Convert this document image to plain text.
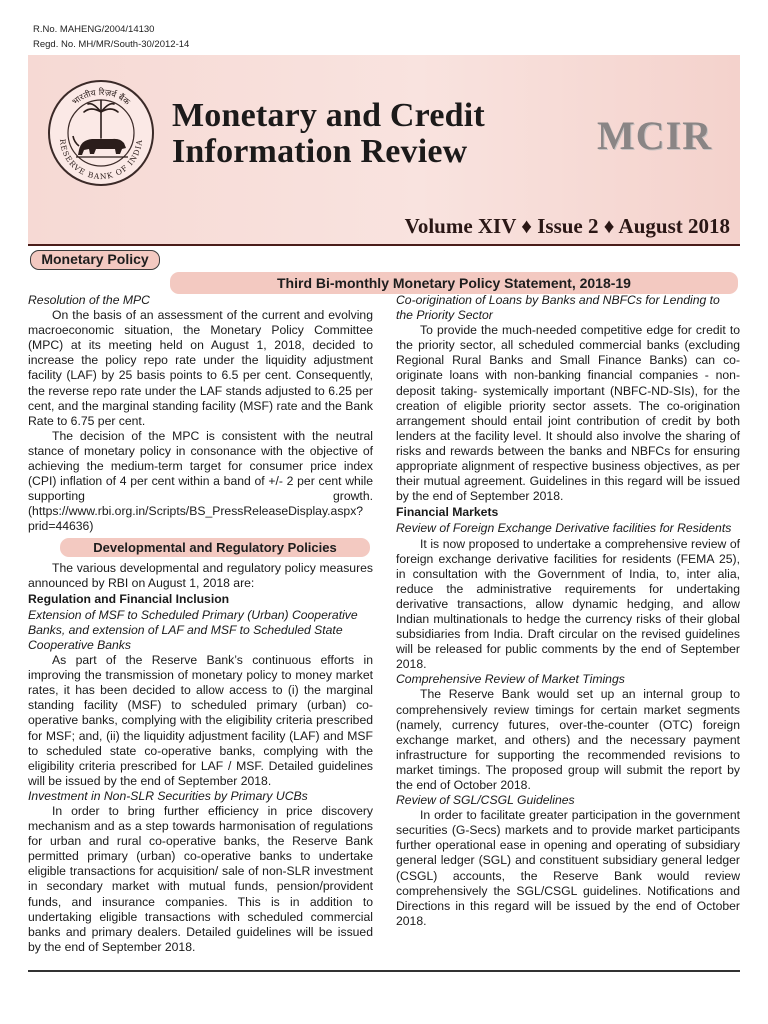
R.No. MAHENG/2004/14130
Regd. No. MH/MR/South-30/2012-14
भारतीय रिज़र्व बैंक
RESERVE BANK OF INDIA
Monetary and Credit
Information Review	MCIR
Volume XIV ♦ Issue 2 ♦ August 2018
Monetary Policy
Third Bi-monthly Monetary Policy Statement, 2018-19

Resolution of the MPC

On the basis of an assessment of the current and evolving macroeconomic situation, the Monetary Policy Committee (MPC) at its meeting held on August 1, 2018, decided to increase the policy repo rate under the liquidity adjustment facility (LAF) by 25 basis points to 6.5 per cent. Consequently, the reverse repo rate under the LAF stands adjusted to 6.25 per cent, and the marginal standing facility (MSF) rate and the Bank Rate to 6.75 per cent.

The decision of the MPC is consistent with the neutral stance of monetary policy in consonance with the objective of achieving the medium-term target for consumer price index (CPI) inflation of 4 per cent within a band of +/- 2 per cent while supporting growth. (https://www.rbi.org.in/Scripts/BS_PressReleaseDisplay.aspx?prid=44636)

Developmental and Regulatory Policies

The various developmental and regulatory policy measures announced by RBI on August 1, 2018 are:

Regulation and Financial Inclusion

Extension of MSF to Scheduled Primary (Urban) Cooperative Banks, and extension of LAF and MSF to Scheduled State Cooperative Banks

As part of the Reserve Bank’s continuous efforts in improving the transmission of monetary policy to money market rates, it has been decided to allow access to (i) the marginal standing facility (MSF) to scheduled primary (urban) co-operative banks, complying with the eligibility criteria prescribed for MSF; and, (ii) the liquidity adjustment facility (LAF) and MSF to scheduled state co-operative banks, complying with the eligibility criteria prescribed for LAF / MSF. Detailed guidelines will be issued by the end of September 2018.

Investment in Non-SLR Securities by Primary UCBs

In order to bring further efficiency in price discovery mechanism and as a step towards harmonisation of regulations for urban and rural co-operative banks, the Reserve Bank permitted primary (urban) co-operative banks to undertake eligible transactions for acquisition/ sale of non-SLR investment in secondary market with mutual funds, pension/provident funds, and insurance companies. This is in addition to undertaking eligible transactions with scheduled commercial banks and primary dealers. Detailed guidelines will be issued by the end of September 2018.

Co-origination of Loans by Banks and NBFCs for Lending to the Priority Sector

To provide the much-needed competitive edge for credit to the priority sector, all scheduled commercial banks (excluding Regional Rural Banks and Small Finance Banks) can co-originate loans with non-banking financial companies - non-deposit taking- systemically important (NBFC-ND-SIs), for the creation of eligible priority sector assets. The co-origination arrangement should entail joint contribution of credit by both lenders at the facility level. It should also involve the sharing of risks and rewards between the banks and NBFCs for ensuring appropriate alignment of respective business objectives, as per their mutual agreement. Guidelines in this regard will be issued by the end of September 2018.

Financial Markets

Review of Foreign Exchange Derivative facilities for Residents

It is now proposed to undertake a comprehensive review of foreign exchange derivative facilities for residents (FEMA 25), in consultation with the Government of India, to, inter alia, reduce the administrative requirements for undertaking derivative transactions, allow dynamic hedging, and allow Indian multinationals to hedge the currency risks of their global subsidiaries from India. Draft circular on the revised guidelines will be released for public comments by the end of September 2018.

Comprehensive Review of Market Timings

The Reserve Bank would set up an internal group to comprehensively review timings for certain market segments (namely, currency futures, over-the-counter (OTC) foreign exchange market, and others) and the necessary payment infrastructure for supporting the recommended revisions to market timings. The proposed group will submit the report by the end of October 2018.

Review of SGL/CSGL Guidelines

In order to facilitate greater participation in the government securities (G-Secs) markets and to provide market participants further operational ease in opening and operating of subsidiary general ledger (SGL) and constituent subsidiary general ledger (CSGL) accounts, the Reserve Bank would review comprehensively the SGL/CSGL guidelines. Notifications and Directions in this regard will be issued by the end of October 2018.
